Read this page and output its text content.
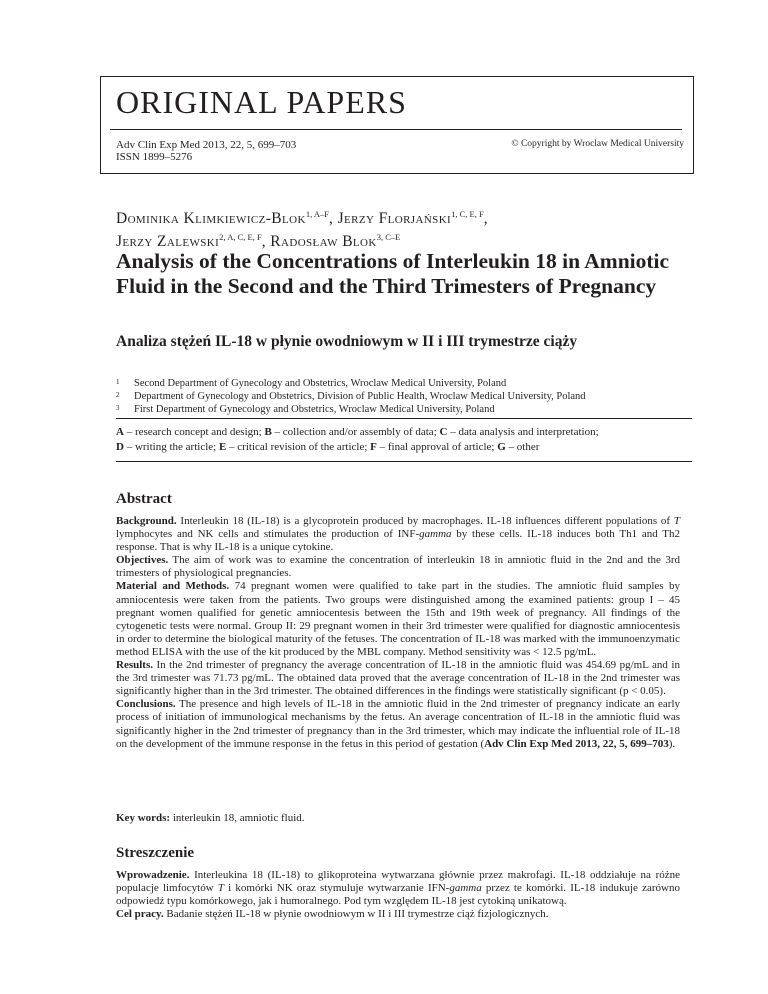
ORIGINAL PAPERS
Adv Clin Exp Med 2013, 22, 5, 699–703
ISSN 1899–5276
© Copyright by Wroclaw Medical University
Dominika Klimkiewicz-Blok$^{1, A-F}$, Jerzy Florjański$^{1, C, E, F}$,
Jerzy Zalewski$^{2, A, C, E, F}$, Radosław Blok$^{3, C-E}$
Analysis of the Concentrations of Interleukin 18 in Amniotic Fluid in the Second and the Third Trimesters of Pregnancy
Analiza stężeń IL-18 w płynie owodniowym w II i III trymestrze ciąży
1 Second Department of Gynecology and Obstetrics, Wroclaw Medical University, Poland
2 Department of Gynecology and Obstetrics, Division of Public Health, Wroclaw Medical University, Poland
3 First Department of Gynecology and Obstetrics, Wroclaw Medical University, Poland
A – research concept and design; B – collection and/or assembly of data; C – data analysis and interpretation;
D – writing the article; E – critical revision of the article; F – final approval of article; G – other
Abstract

Background. Interleukin 18 (IL-18) is a glycoprotein produced by macrophages. IL-18 influences different populations of T lymphocytes and NK cells and stimulates the production of INF-gamma by these cells. IL-18 induces both Th1 and Th2 response. That is why IL-18 is a unique cytokine.

Objectives. The aim of work was to examine the concentration of interleukin 18 in amniotic fluid in the 2nd and the 3rd trimesters of physiological pregnancies.

Material and Methods. 74 pregnant women were qualified to take part in the studies. The amniotic fluid samples by amniocentesis were taken from the patients. Two groups were distinguished among the examined patients: group I – 45 pregnant women qualified for genetic amniocentesis between the 15th and 19th week of pregnancy. All findings of the cytogenetic tests were normal. Group II: 29 pregnant women in their 3rd trimester were qualified for diagnostic amniocentesis in order to determine the biological maturity of the fetuses. The concentration of IL-18 was marked with the immunoenzymatic method ELISA with the use of the kit produced by the MBL company. Method sensitivity was < 12.5 pg/mL.

Results. In the 2nd trimester of pregnancy the average concentration of IL-18 in the amniotic fluid was 454.69 pg/mL and in the 3rd trimester was 71.73 pg/mL. The obtained data proved that the average concentration of IL-18 in the 2nd trimester was significantly higher than in the 3rd trimester. The obtained differences in the findings were statistically significant (p < 0.05).

Conclusions. The presence and high levels of IL-18 in the amniotic fluid in the 2nd trimester of pregnancy indicate an early process of initiation of immunological mechanisms by the fetus. An average concentration of IL-18 in the amniotic fluid was significantly higher in the 2nd trimester of pregnancy than in the 3rd trimester, which may indicate the influential role of IL-18 on the development of the immune response in the fetus in this period of gestation (Adv Clin Exp Med 2013, 22, 5, 699–703).

Key words: interleukin 18, amniotic fluid.
Streszczenie

Wprowadzenie. Interleukina 18 (IL-18) to glikoproteina wytwarzana głównie przez makrofagi. IL-18 oddziałuje na różne populacje limfocytów T i komórki NK oraz stymuluje wytwarzanie IFN-gamma przez te komórki. IL-18 indukuje zarówno odpowiedź typu komórkowego, jak i humoralnego. Pod tym względem IL-18 jest cytokiną unikatową.

Cel pracy. Badanie stężeń IL-18 w płynie owodniowym w II i III trymestrze ciąż fizjologicznych.
